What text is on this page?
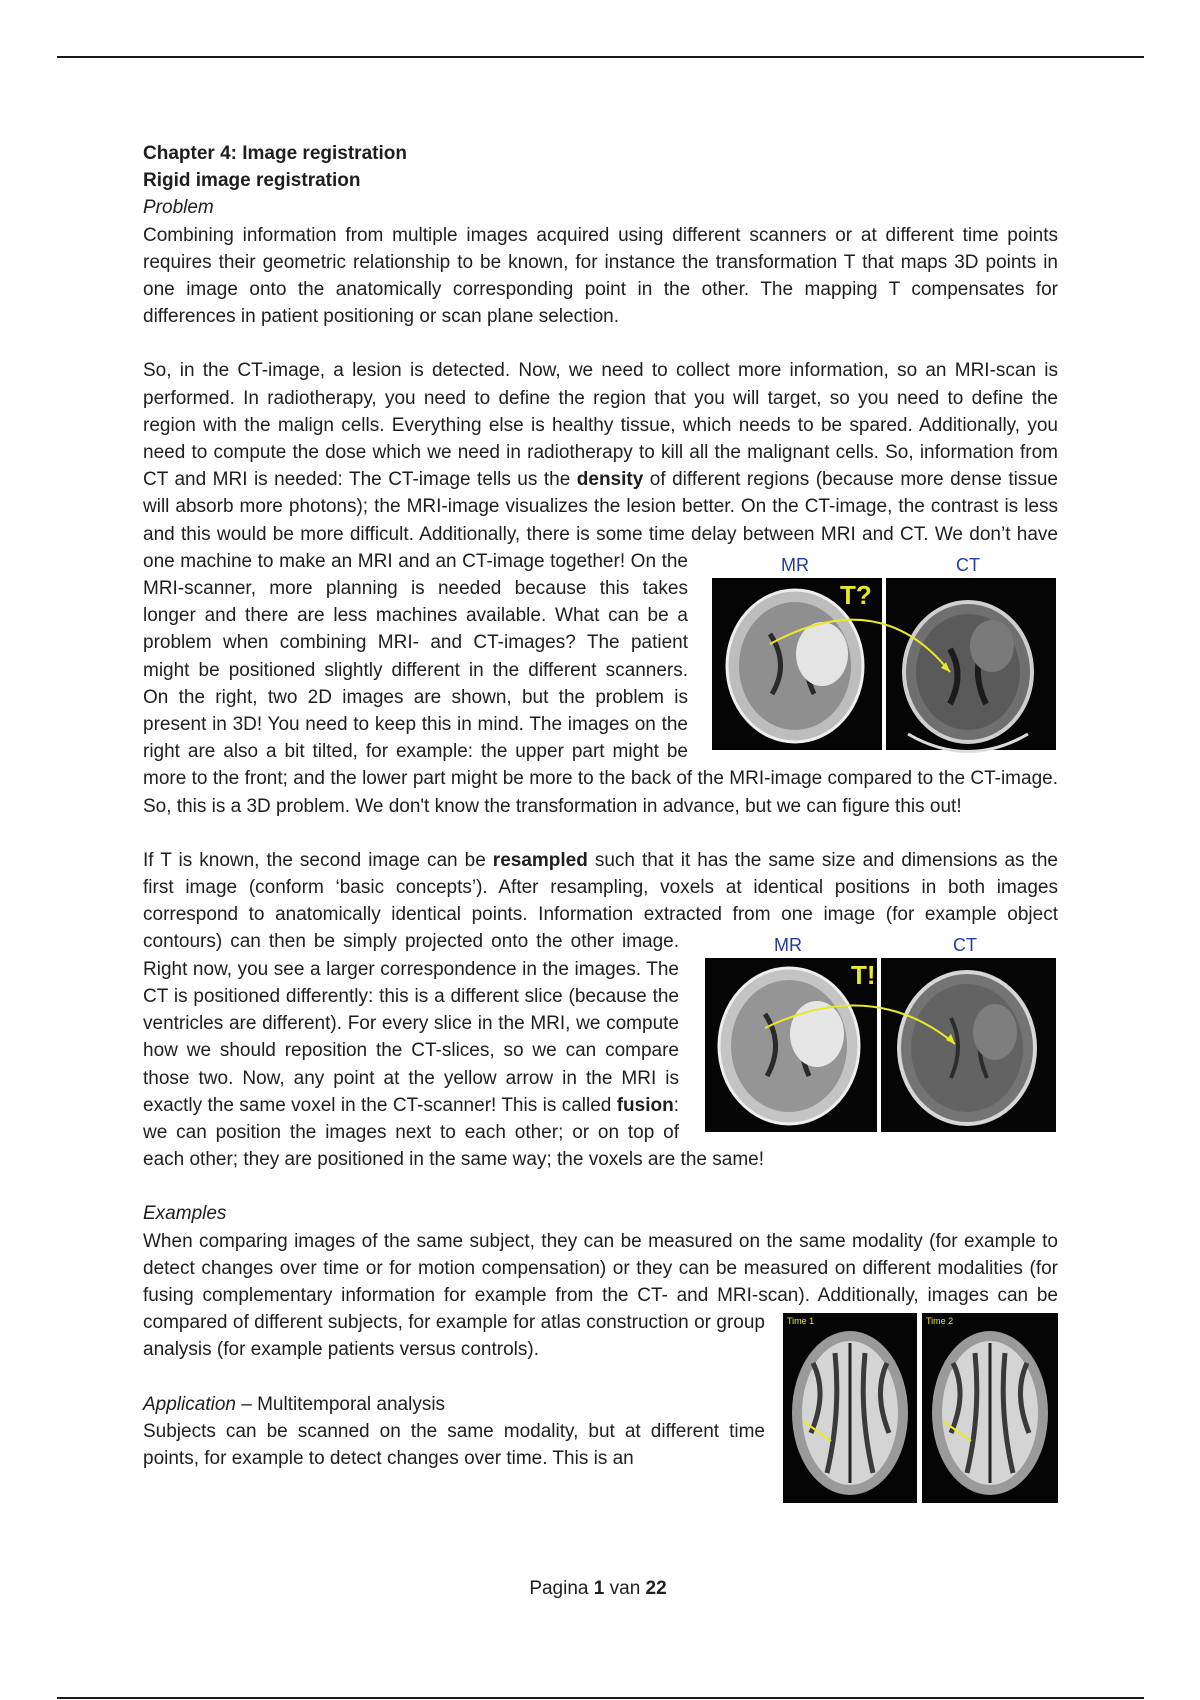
Chapter 4: Image registration
Rigid image registration
Problem

Combining information from multiple images acquired using different scanners or at different time points requires their geometric relationship to be known, for instance the transformation T that maps 3D points in one image onto the anatomically corresponding point in the other. The mapping T compensates for differences in patient positioning or scan plane selection.

So, in the CT-image, a lesion is detected. Now, we need to collect more information, so an MRI-scan is performed. In radiotherapy, you need to define the region that you will target, so you need to define the region with the malign cells. Everything else is healthy tissue, which needs to be spared. Additionally, you need to compute the dose which we need in radiotherapy to kill all the malignant cells. So, information from CT and MRI is needed: The CT-image tells us the density of different regions (because more dense tissue will absorb more photons); the MRI-image visualizes the lesion better. On the CT-image, the contrast is less and this would be more difficult. Additionally, there is some time delay between MRI and CT. We don’t have one machine to make an MRI and an CT-image	MR	CT
T?
together! On the MRI-scanner, more planning is needed because this takes longer and there are less machines available. What can be a problem when combining MRI- and CT-images? The patient might be positioned slightly different in the different scanners. On the right, two 2D images are shown, but the problem is present in 3D! You need to keep this in mind. The images on the right are also a bit tilted, for example: the upper part might be more to the front; and the lower part might be more to the back of the MRI-image compared to the CT-image. So, this is a 3D problem. We don't know the transformation in advance, but we can figure this out!

If T is known, the second image can be resampled such that it has the same size and dimensions as the first image (conform ‘basic concepts’). After resampling, voxels at identical positions in both images correspond to anatomically identical points. Information extracted from one image (for
MR	CT
T!
example object contours) can then be simply projected onto the other image. Right now, you see a larger correspondence in the images. The CT is positioned differently: this is a different slice (because the ventricles are different). For every slice in the MRI, we compute how we should reposition the CT-slices, so we can compare those two. Now, any point at the yellow arrow in the MRI is exactly the same voxel in the CT-scanner! This is called fusion: we can position the images next to each other; or on top of each other; they are positioned in the same way; the voxels are the same!

Examples

When comparing images of the same subject, they can be measured on the same modality (for example to detect changes over time or for motion compensation) or they can be measured on different modalities (for fusing complementary information for example from the CT- and MRI-scan). Additionally, images can be compared of different subjects, for example for atlas construction or	Time 1	Time 2
group analysis (for example patients versus controls).

Application – Multitemporal analysis

Subjects can be scanned on the same modality, but at different time points, for example to detect changes over time. This is an

Pagina 1 van 22
